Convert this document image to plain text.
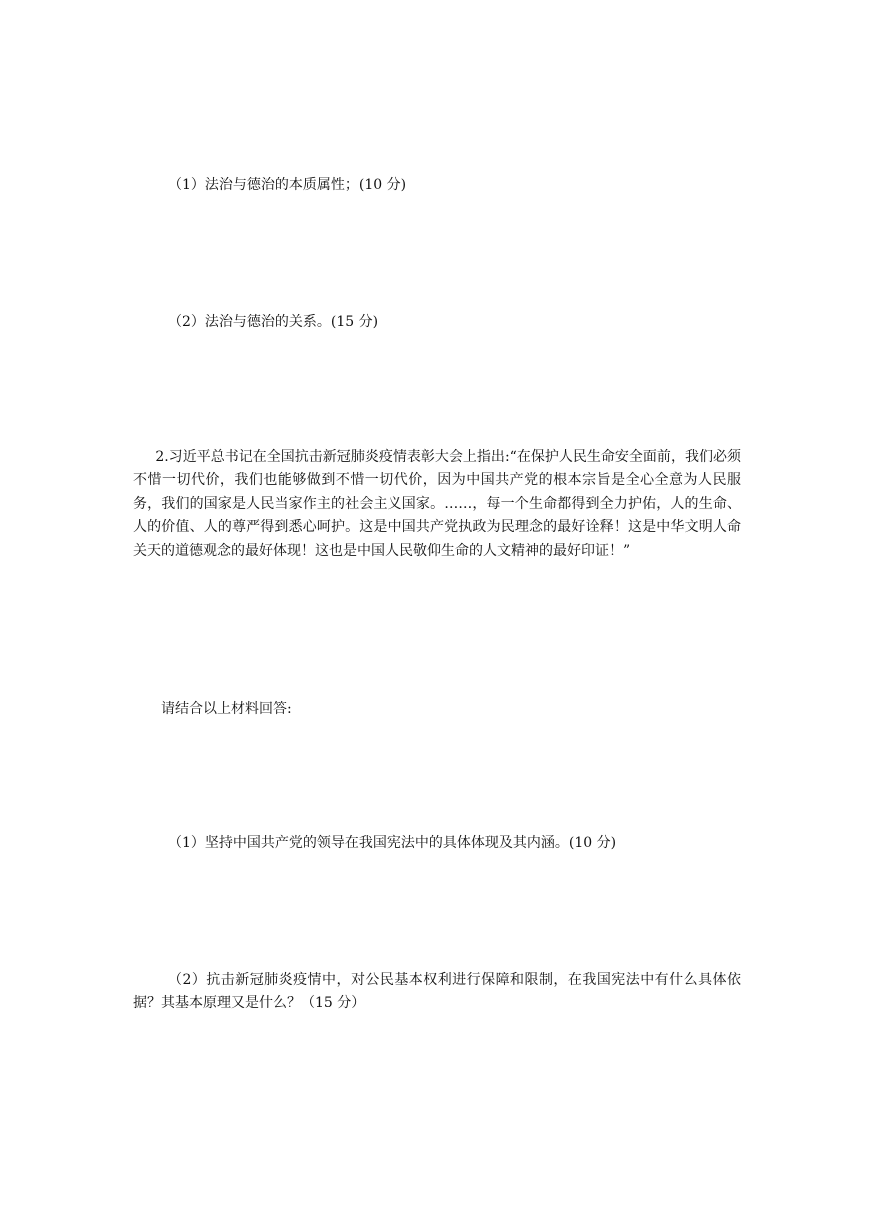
（1）法治与德治的本质属性；(10 分)

（2）法治与德治的关系。(15 分)

2.习近平总书记在全国抗击新冠肺炎疫情表彰大会上指出:“在保护人民生命安全面前，我们必须不惜一切代价，我们也能够做到不惜一切代价，因为中国共产党的根本宗旨是全心全意为人民服务，我们的国家是人民当家作主的社会主义国家。……，每一个生命都得到全力护佑，人的生命、人的价值、人的尊严得到悉心呵护。这是中国共产党执政为民理念的最好诠释！这是中华文明人命关天的道德观念的最好体现！这也是中国人民敬仰生命的人文精神的最好印证！”

请结合以上材料回答:

（1）坚持中国共产党的领导在我国宪法中的具体体现及其内涵。(10 分)

（2）抗击新冠肺炎疫情中，对公民基本权利进行保障和限制，在我国宪法中有什么具体依据？其基本原理又是什么？（15 分）
